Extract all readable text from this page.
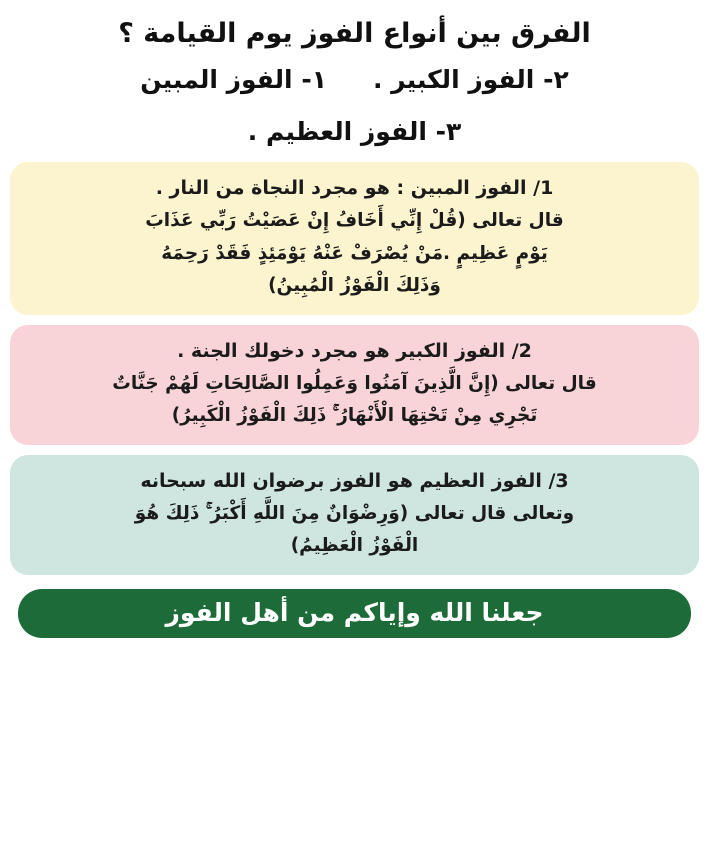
الفرق بين أنواع الفوز يوم القيامة ؟
٢- الفوز الكبير .
١- الفوز المبين
٣- الفوز العظيم .

1/ الفوز المبين : هو مجرد النجاة من النار .

قال تعالى (قُلْ إِنِّي أَخَافُ إِنْ عَصَيْتُ رَبِّي عَذَابَ

يَوْمٍ عَظِيمٍ .مَنْ يُصْرَفْ عَنْهُ يَوْمَئِذٍ فَقَدْ رَحِمَهُ

وَذَلِكَ الْفَوْزُ الْمُبِينُ)

2/ الفوز الكبير هو مجرد دخولك الجنة .

قال تعالى (إِنَّ الَّذِينَ آمَنُوا وَعَمِلُوا الصَّالِحَاتِ لَهُمْ جَنَّاتٌ

تَجْرِي مِنْ تَحْتِهَا الْأَنْهَارُ ۚ ذَلِكَ الْفَوْزُ الْكَبِيرُ)

3/ الفوز العظيم هو الفوز برضوان الله سبحانه

وتعالى قال تعالى (وَرِضْوَانٌ مِنَ اللَّهِ أَكْبَرُ ۚ ذَلِكَ هُوَ

الْفَوْزُ الْعَظِيمُ)

جعلنا الله وإياكم من أهل الفوز
